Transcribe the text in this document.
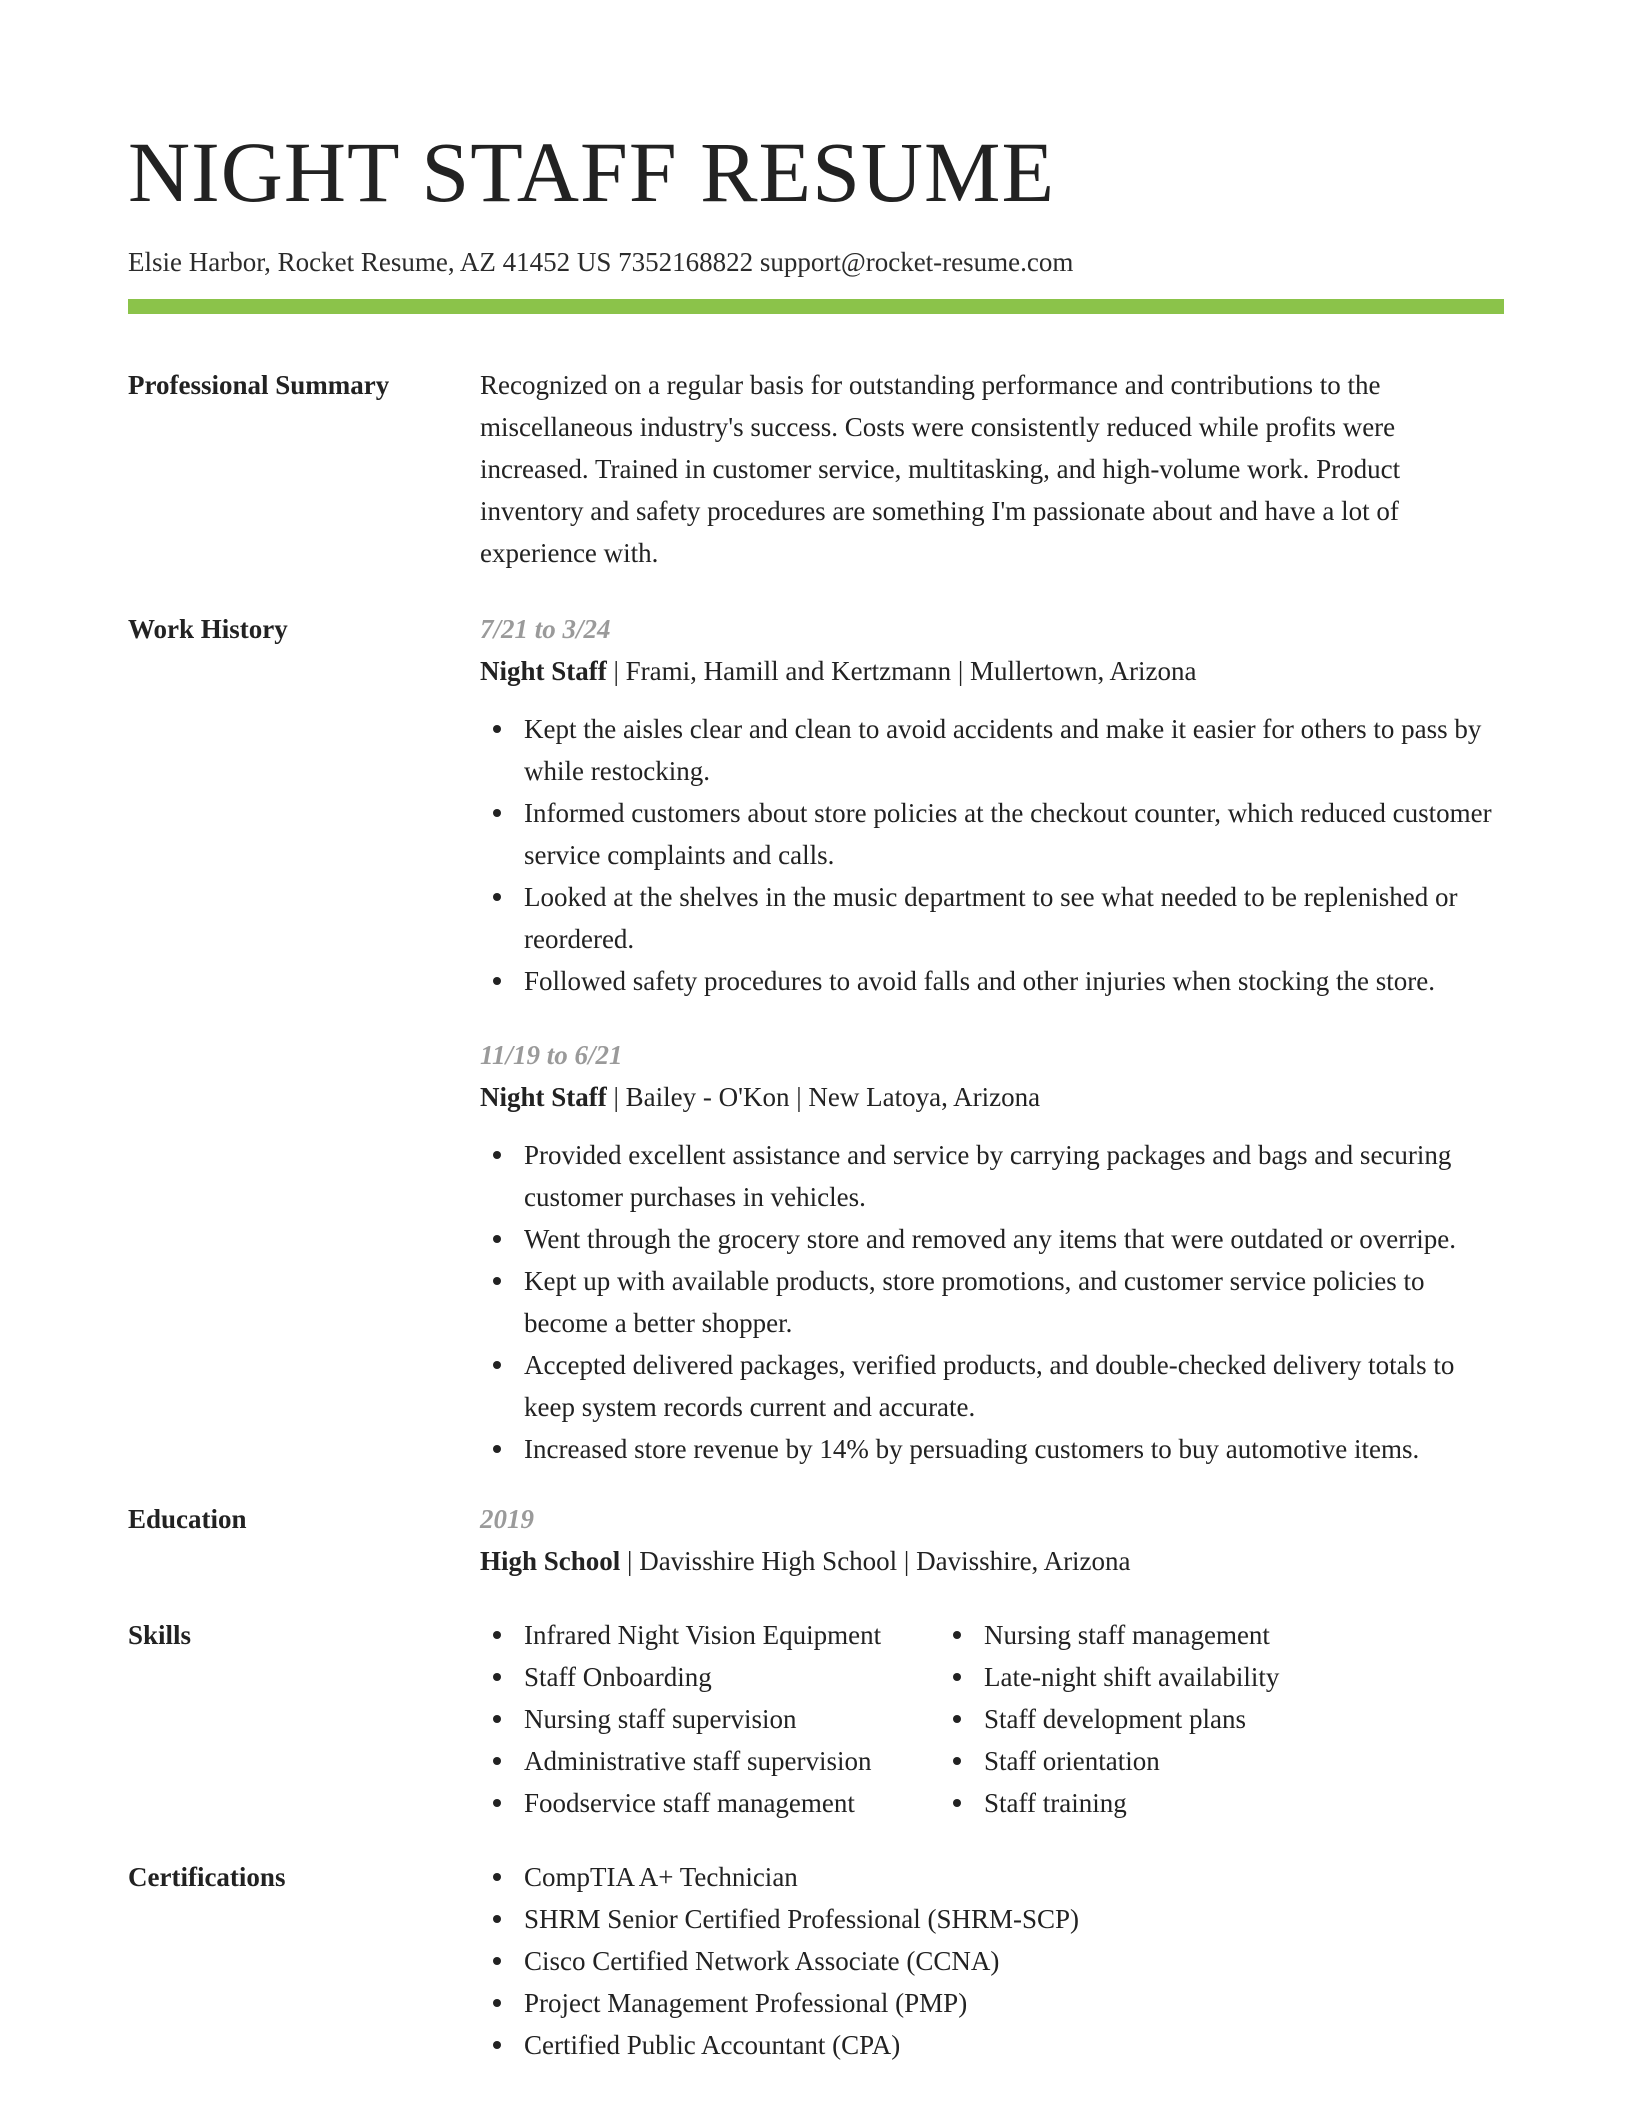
NIGHT STAFF RESUME
Elsie Harbor, Rocket Resume, AZ 41452 US 7352168822 support@rocket-resume.com
Professional Summary	Recognized on a regular basis for outstanding performance and contributions to the miscellaneous industry's success. Costs were consistently reduced while profits were increased. Trained in customer service, multitasking, and high-volume work. Product inventory and safety procedures are something I'm passionate about and have a lot of experience with.
Work History	7/21 to 3/24
Night Staff | Frami, Hamill and Kertzmann | Mullertown, Arizona
Kept the aisles clear and clean to avoid accidents and make it easier for others to pass by while restocking.
Informed customers about store policies at the checkout counter, which reduced customer service complaints and calls.
Looked at the shelves in the music department to see what needed to be replenished or reordered.
Followed safety procedures to avoid falls and other injuries when stocking the store.
11/19 to 6/21
Night Staff | Bailey - O'Kon | New Latoya, Arizona
Provided excellent assistance and service by carrying packages and bags and securing customer purchases in vehicles.
Went through the grocery store and removed any items that were outdated or overripe.
Kept up with available products, store promotions, and customer service policies to become a better shopper.
Accepted delivered packages, verified products, and double-checked delivery totals to keep system records current and accurate.
Increased store revenue by 14% by persuading customers to buy automotive items.
Education	2019
High School | Davisshire High School | Davisshire, Arizona
Skills	Infrared Night Vision Equipment
Staff Onboarding
Nursing staff supervision
Administrative staff supervision
Foodservice staff management
Nursing staff management
Late-night shift availability
Staff development plans
Staff orientation
Staff training
Certifications	CompTIA A+ Technician
SHRM Senior Certified Professional (SHRM-SCP)
Cisco Certified Network Associate (CCNA)
Project Management Professional (PMP)
Certified Public Accountant (CPA)
